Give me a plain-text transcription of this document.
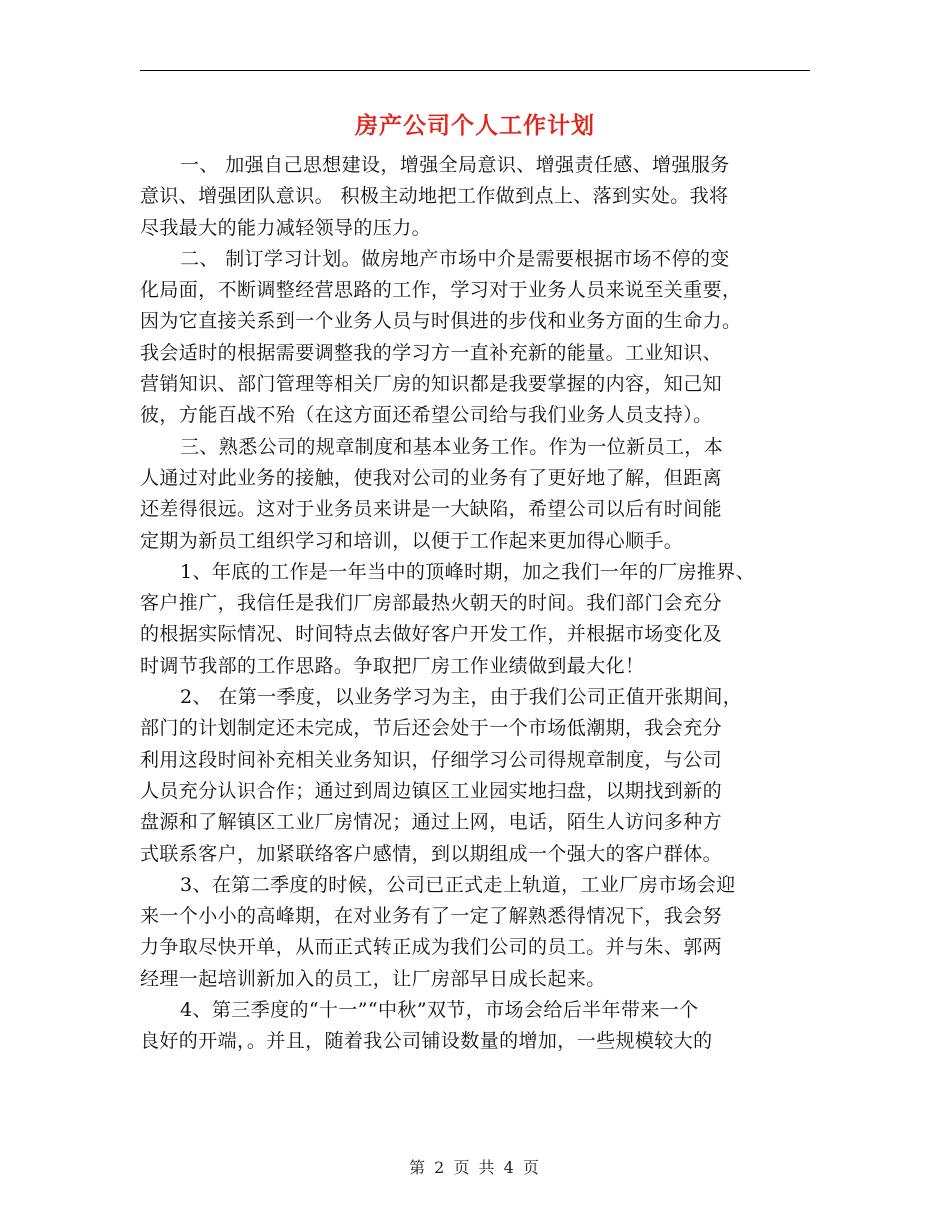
房产公司个人工作计划
一、 加强自己思想建设，增强全局意识、增强责任感、增强服务
意识、增强团队意识。 积极主动地把工作做到点上、落到实处。我将
尽我最大的能力减轻领导的压力。
二、 制订学习计划。做房地产市场中介是需要根据市场不停的变
化局面，不断调整经营思路的工作，学习对于业务人员来说至关重要，
因为它直接关系到一个业务人员与时俱进的步伐和业务方面的生命力。
我会适时的根据需要调整我的学习方一直补充新的能量。工业知识、
营销知识、部门管理等相关厂房的知识都是我要掌握的内容，知己知
彼，方能百战不殆（在这方面还希望公司给与我们业务人员支持）。
三、熟悉公司的规章制度和基本业务工作。作为一位新员工，本
人通过对此业务的接触，使我对公司的业务有了更好地了解，但距离
还差得很远。这对于业务员来讲是一大缺陷，希望公司以后有时间能
定期为新员工组织学习和培训，以便于工作起来更加得心顺手。
1、年底的工作是一年当中的顶峰时期，加之我们一年的厂房推界、
客户推广，我信任是我们厂房部最热火朝天的时间。我们部门会充分
的根据实际情况、时间特点去做好客户开发工作，并根据市场变化及
时调节我部的工作思路。争取把厂房工作业绩做到最大化！
2、 在第一季度，以业务学习为主，由于我们公司正值开张期间，
部门的计划制定还未完成，节后还会处于一个市场低潮期，我会充分
利用这段时间补充相关业务知识，仔细学习公司得规章制度，与公司
人员充分认识合作；通过到周边镇区工业园实地扫盘，以期找到新的
盘源和了解镇区工业厂房情况；通过上网，电话，陌生人访问多种方
式联系客户，加紧联络客户感情，到以期组成一个强大的客户群体。
3、在第二季度的时候，公司已正式走上轨道，工业厂房市场会迎
来一个小小的高峰期，在对业务有了一定了解熟悉得情况下，我会努
力争取尽快开单，从而正式转正成为我们公司的员工。并与朱、郭两
经理一起培训新加入的员工，让厂房部早日成长起来。
4、第三季度的“十一”“中秋”双节，市场会给后半年带来一个
良好的开端，。并且，随着我公司铺设数量的增加，一些规模较大的
第 2 页 共 4 页
